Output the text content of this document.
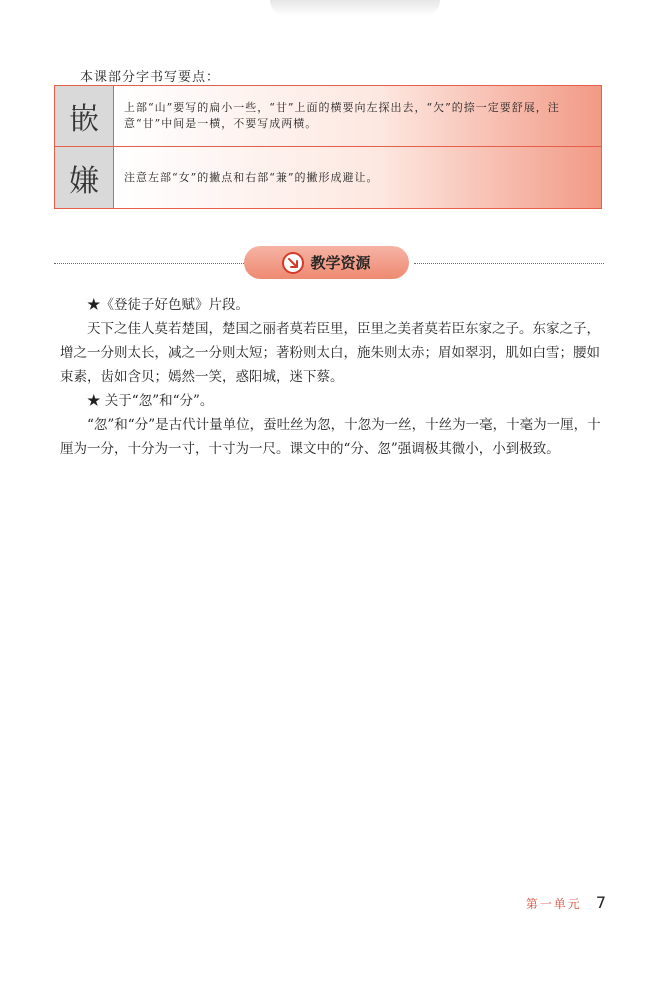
本课部分字书写要点：
嵌	上部“山”要写的扁小一些，“甘”上面的横要向左探出去，“欠”的捺一定要舒展，注意“甘”中间是一横，不要写成两横。
嫌	注意左部“女”的撇点和右部“兼”的撇形成避让。
教学资源

★《登徒子好色赋》片段。

天下之佳人莫若楚国，楚国之丽者莫若臣里，臣里之美者莫若臣东家之子。东家之子，增之一分则太长，减之一分则太短；著粉则太白，施朱则太赤；眉如翠羽，肌如白雪；腰如束素，齿如含贝；嫣然一笑，惑阳城，迷下蔡。

★ 关于“忽”和“分”。

“忽”和“分”是古代计量单位，蚕吐丝为忽，十忽为一丝，十丝为一毫，十毫为一厘，十厘为一分，十分为一寸，十寸为一尺。课文中的“分、忽”强调极其微小，小到极致。

第一单元 7
